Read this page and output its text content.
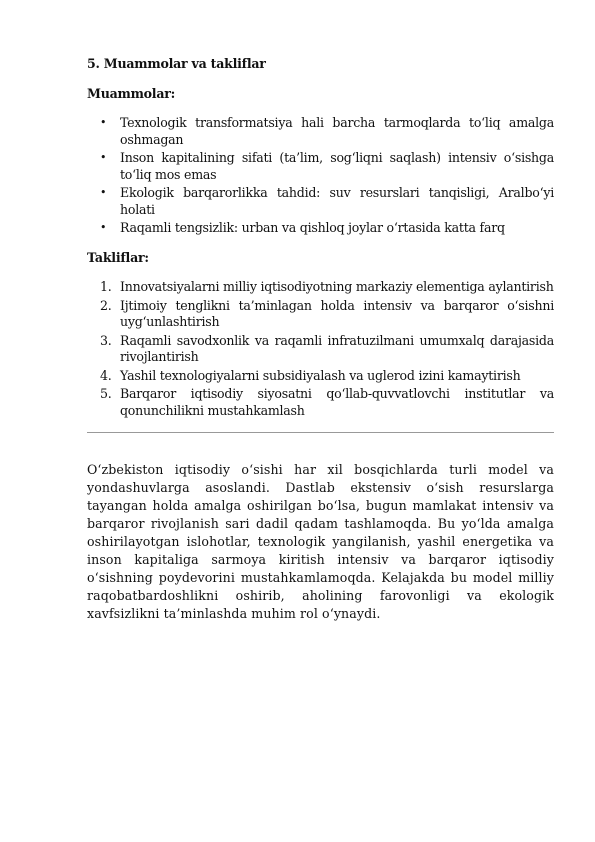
5. Muammolar va takliflar
Muammolar:
• Texnologik transformatsiya hali barcha tarmoqlarda to‘liq amalga oshmagan
• Inson kapitalining sifati (ta’lim, sog‘liqni saqlash) intensiv o‘sishga to‘liq mos emas
• Ekologik barqarorlikka tahdid: suv resurslari tanqisligi, Aralbo‘yi holati
• Raqamli tengsizlik: urban va qishloq joylar o‘rtasida katta farq
Takliflar:
1. Innovatsiyalarni milliy iqtisodiyotning markaziy elementiga aylantirish
2. Ijtimoiy tenglikni ta’minlagan holda intensiv va barqaror o‘sishni uyg‘unlashtirish
3. Raqamli savodxonlik va raqamli infratuzilmani umumxalq darajasida rivojlantirish
4. Yashil texnologiyalarni subsidiyalash va uglerod izini kamaytirish
5. Barqaror iqtisodiy siyosatni qo‘llab-quvvatlovchi institutlar va qonunchilikni mustahkamlash

O‘zbekiston iqtisodiy o‘sishi har xil bosqichlarda turli model va yondashuvlarga asoslandi. Dastlab ekstensiv o‘sish resurslarga tayangan holda amalga oshirilgan bo‘lsa, bugun mamlakat intensiv va barqaror rivojlanish sari dadil qadam tashlamoqda. Bu yo‘lda amalga oshirilayotgan islohotlar, texnologik yangilanish, yashil energetika va inson kapitaliga sarmoya kiritish intensiv va barqaror iqtisodiy o‘sishning poydevorini mustahkamlamoqda. Kelajakda bu model milliy raqobatbardoshlikni oshirib, aholining farovonligi va ekologik xavfsizlikni ta’minlashda muhim rol o‘ynaydi.
